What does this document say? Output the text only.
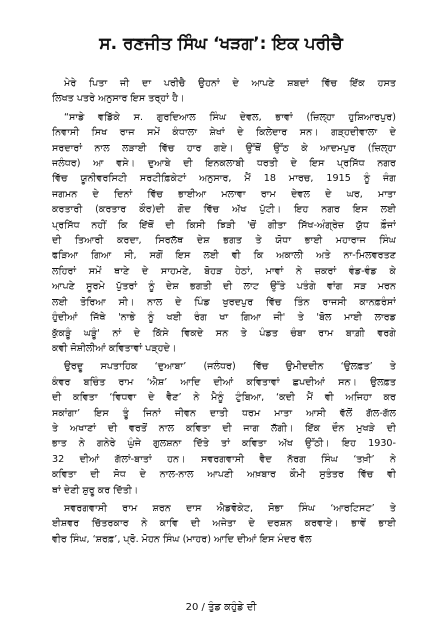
ਸ. ਰਣਜੀਤ ਸਿੰਘ ‘ਖੜਗ’: ਇਕ ਪਰੀਚੈ

ਮੇਰੇ ਪਿਤਾ ਜੀ ਦਾ ਪਰੀਚੈ ਉਹਨਾਂ ਦੇ ਆਪਣੇ ਸ਼ਬਦਾਂ ਵਿੱਚ ਇੱਕ ਹਸਤ
ਲਿਖਤ ਪਤਰੇ ਅਨੁਸਾਰ ਇਸ ਤਰ੍ਹਾਂ ਹੈ।

“ਸਾਡੇ ਵਡਿੱਕੇ ਸ. ਗੁਰਦਿਆਲ ਸਿੰਘ ਦੇਵਲ, ਭਾਵਾਂ (ਜ਼ਿਲ੍ਹਾ ਹੁਸ਼ਿਆਰਪੁਰ)
ਨਿਵਾਸੀ ਸਿਖ ਰਾਜ ਸਮੇਂ ਕੰਧਾਲਾ ਸ਼ੇਖਾਂ ਦੇ ਕਿਲੇਦਾਰ ਸਨ। ਗੜ੍ਹਦੀਵਾਲਾ ਦੇ
ਸਰਦਾਰਾਂ ਨਾਲ ਲੜਾਈ ਵਿੱਚ ਹਾਰ ਗਏ। ਉੱਥੋਂ ਉੱਠ ਕੇ ਆਦਮਪੁਰ (ਜ਼ਿਲ੍ਹਾ
ਜਲੰਧਰ) ਆ ਵਸੇ। ਦੁਆਬੇ ਦੀ ਇਨਕਲਾਬੀ ਧਰਤੀ ਦੇ ਇਸ ਪ੍ਰਸਿੱਧ ਨਗਰ
ਵਿੱਚ ਯੂਨੀਵਰਸਿਟੀ ਸਰਟੀਫ਼ਿਕੇਟਾਂ ਅਨੁਸਾਰ, ਮੈਂ 18 ਮਾਰਚ, 1915 ਨੂੰ ਜੰਗ
ਜਗਮਨ ਦੇ ਦਿਨਾਂ ਵਿੱਚ ਭਾਈਆ ਮਲਾਵਾ ਰਾਮ ਦੇਵਲ ਦੇ ਘਰ, ਮਾਤਾ
ਕਰਤਾਰੀ (ਕਰਤਾਰ ਕੌਰ)ਦੀ ਗੋਦ ਵਿੱਚ ਅੱਖ ਪੁੱਟੀ। ਇਹ ਨਗਰ ਇਸ ਲਈ
ਪ੍ਰਸਿੱਧ ਨਹੀਂ ਕਿ ਇੱਥੋਂ ਦੀ ਕਿਸੀ ਝਿੜੀ 'ਚੋਂ ਗੀਤਾ ਸਿੱਖ-ਅੰਗ੍ਰੇਜ਼ ਯੁੱਧ ਫ਼ੌਜਾਂ
ਦੀ ਤਿਆਰੀ ਕਰਦਾ, ਸਿਰਲੱਥ ਦੇਸ਼ ਭਗਤ ਤੇ ਯੋਧਾ ਭਾਈ ਮਹਾਰਾਜ ਸਿੰਘ
ਫੜਿਆ ਗਿਆ ਸੀ, ਸਗੋਂ ਇਸ ਲਈ ਵੀ ਕਿ ਅਕਾਲੀ ਅਤੇ ਨਾ-ਮਿਲਵਰਤਣ
ਲਹਿਰਾਂ ਸਮੇਂ ਥਾਣੇ ਦੇ ਸਾਹਮਣੇ, ਬੋਹੜ ਹੇਠਾਂ, ਮਾਵਾਂ ਨੇ ਜ਼ਕਰਾਂ ਵੰਡ-ਵੰਡ ਕੇ
ਆਪਣੇ ਸੂਰਮੇ ਪੁੱਤਰਾਂ ਨੂੰ ਦੇਸ਼ ਭਗਤੀ ਦੀ ਲਾਟ ਉੱਤੇ ਪਤੰਗੇ ਵਾਂਗ ਸੜ ਮਰਨ
ਲਈ ਤੋਰਿਆ ਸੀ। ਨਾਲ ਦੇ ਪਿੰਡ ਖੁਰਦਪੁਰ ਵਿੱਚ ਤਿੰਨ ਰਾਜਸੀ ਕਾਨਫ਼ਰੰਸਾਂ
ਹੁੰਦੀਆਂ ਜਿੱਥੇ 'ਨਾਭੇ ਨੂੰ ਖਈ ਰੰਗ ਖਾ ਗਿਆ ਜੀ' ਤੇ 'ਬੋਲ ਮਾਈ ਲਾਰਡ
ਕੁੱਕੜੂੰ ਘੜੂੰ' ਨਾਂ ਦੇ ਕਿੱਸੇ ਵਿਕਦੇ ਸਨ ਤੇ ਪੰਡਤ ਚੰਬਾ ਰਾਮ ਬਾਗ਼ੀ ਵਰਗੇ
ਕਵੀ ਜੋਸ਼ੀਲੀਆਂ ਕਵਿਤਾਵਾਂ ਪੜ੍ਹਦੇ।

ਉਰਦੂ ਸਪਤਾਹਿਕ ‘ਦੁਆਬਾ’ (ਜਲੰਧਰ) ਵਿੱਚ ਉਮੀਦਦੀਨ ‘ਉਲਫ਼ਤ’ ਤੇ
ਕੰਵਰ ਬਚਿੰਤ ਰਾਮ ‘ਐਸ਼’ ਆਦਿ ਦੀਆਂ ਕਵਿਤਾਵਾਂ ਛਪਦੀਆਂ ਸਨ। ਉਲਫ਼ਤ
ਦੀ ਕਵਿਤਾ ‘ਵਿਧਵਾ ਦੇ ਵੈਣ’ ਨੇ ਮੈਨੂੰ ਟੁੰਬਿਆ, ‘ਕਦੀ ਮੈਂ ਵੀ ਅਜਿਹਾ ਕਰ
ਸਕਾਂਗਾ’ ਇਸ ਤੂੰ ਜਿਨਾਂ ਜੀਵਨ ਦਾਤੀ ਧਰਮ ਮਾਤਾ ਆਸੀ ਵੱਲੋਂ ਗੱਲ-ਗੱਲ
ਤੇ ਅਖਾਣਾਂ ਦੀ ਵਰਤੋਂ ਨਾਲ ਕਵਿਤਾ ਦੀ ਜਾਗ ਲੱਗੀ। ਇੱਕ ਦੌਨ ਮੁਖੜੇ ਦੀ
ਭਾਤ ਨੇ ਗਨੇਰੇ ਘੁੰਜੇ ਗੁਲਸ਼ਨਾ ਦਿੱਤੇ ਤਾਂ ਕਵਿਤਾ ਅੱਖ ਉੱਠੀ। ਇਹ 1930-
32 ਦੀਆਂ ਗੱਲਾਂ-ਬਾਤਾਂ ਹਨ। ਸਵਰਗਵਾਸੀ ਵੈਦ ਨੱਰਗ ਸਿੰਘ ‘ਤਖ਼ੀ’ ਨੇ
ਕਵਿਤਾ ਦੀ ਸੋਧ ਦੇ ਨਾਲ-ਨਾਲ ਆਪਣੀ ਅਖ਼ਬਾਰ ਕੌਮੀ ਸੁਤੰਤਰ ਵਿੱਚ ਵੀ
ਥਾਂ ਦੇਣੀ ਸ਼ੁਰੂ ਕਰ ਦਿੱਤੀ।

ਸਵਰਗਵਾਸੀ ਰਾਮ ਸ਼ਰਨ ਦਾਸ ਐਡਵੋਕੇਟ, ਸੋਭਾ ਸਿੰਘ ‘ਆਰਟਿਸਟ’ ਤੇ
ਈਸ਼ਵਰ ਚਿੱਤਰਕਾਰ ਨੇ ਕਾਵਿ ਦੀ ਅਜੇਤਾ ਦੇ ਦਰਸ਼ਨ ਕਰਵਾਏ। ਭਾਵੇਂ ਭਾਈ
ਵੀਰ ਸਿੰਘ, ‘ਸ਼ਰਫ਼’, ਪ੍ਰੋ. ਮੋਹਨ ਸਿੰਘ (ਮਾਹਰ) ਆਦਿ ਦੀਆਂ ਇਸ ਮੰਦਰ ਵੱਲ

20 / ਤੁੰਡ ਕਹੁੰਡੇ ਦੀ
